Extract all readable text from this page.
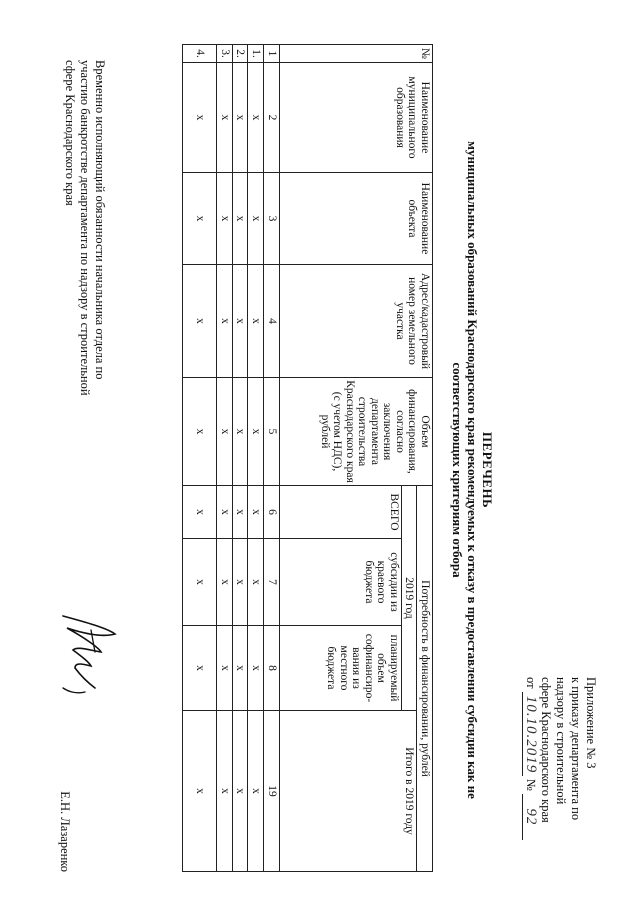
Приложение № 3
к приказу департамента по
надзору в строительной
сфере Краснодарского края
от 10.10.2019 № 92
ПЕРЕЧЕНЬ
муниципальных образований Краснодарского края рекомендуемых к отказу в предоставлении субсидии как не
соответствующих критериям отбора
№	Наименование муниципального образования	Наименование объекта	Адрес/кадастровый номер земельного участка	Объем финансирования, согласно заключения департамента строительства Краснодарского края (с учетом НДС), рублей	Потребность в финансировании, рублей			
					2019 год			Итого в 2019 году
					ВСЕГО	субсидии из краевого бюджета	планируемый объем софинансиро-вания из местного бюджета	
1	2	3	4	5	6	7	8	19
1.	x	x	x	x	x	x	x	x
2.	x	x	x	x	x	x	x	x
3.	x	x	x	x	x	x	x	x
4.	x	x	x	x	x	x	x	x
Временно исполняющий обязанности начальника отдела по
участию банкротстве департамента по надзору в строительной
сфере Краснодарского края
Е.Н. Лазаренко
